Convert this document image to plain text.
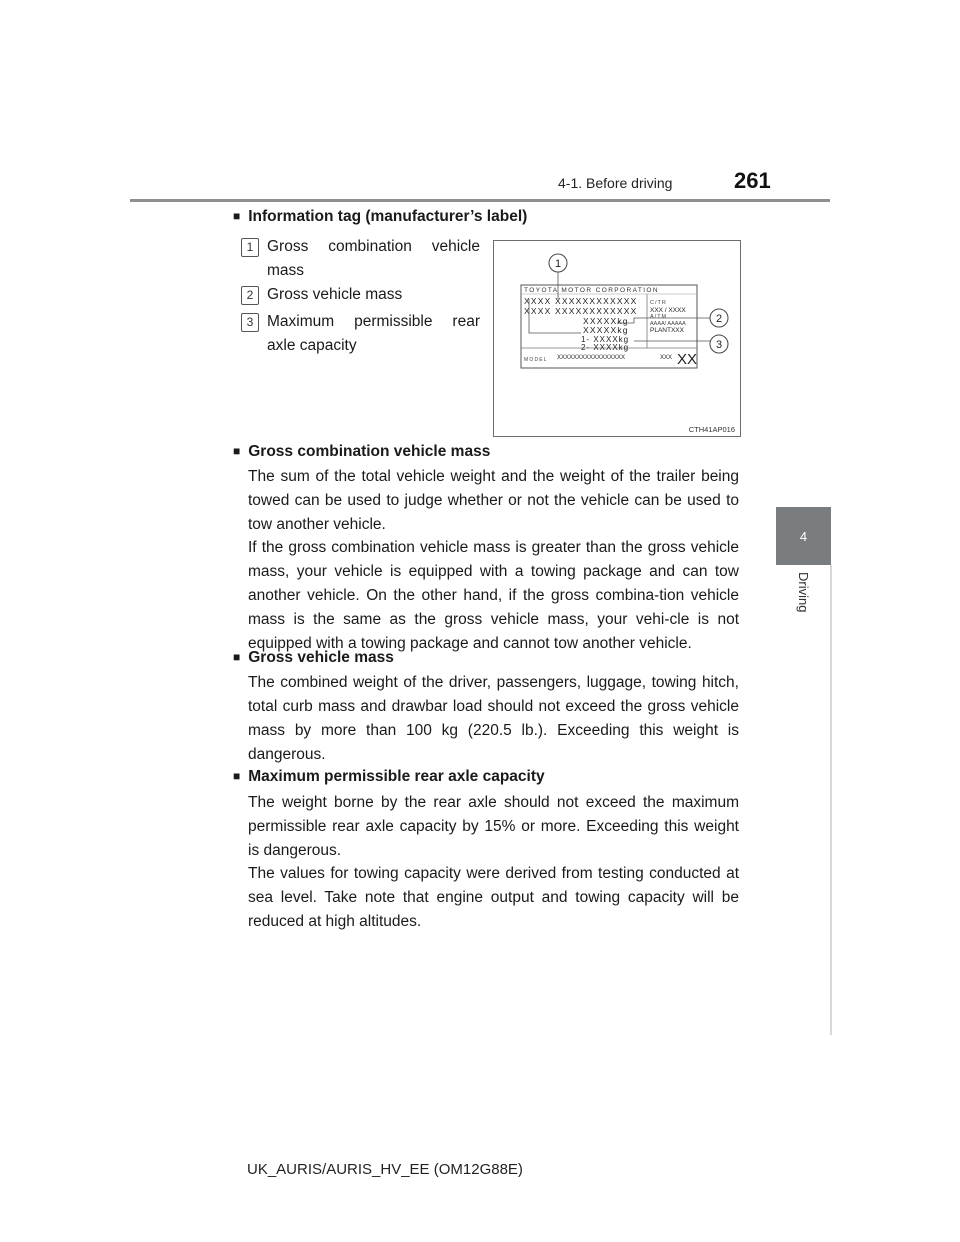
4-1. Before driving	261
4
Driving
■ Information tag (manufacturer’s label)
1 Gross combination vehicle mass
2 Gross vehicle mass
3 Maximum permissible rear axle capacity
TOYOTA MOTOR CORPORATION
XXXX XXXXXXXXXXXX
XXXX XXXXXXXXXXXX
XXXXXkg
XXXXXkg
1- XXXXkg
2- XXXXkg
C/TR
XXX / XXXX
A/TM
AAAA/ AAAAA
PLANTXXX
MODEL XXXXXXXXXXXXXXXXX	XXX XX
1
2
3
CTH41AP016
■ Gross combination vehicle mass
The sum of the total vehicle weight and the weight of the trailer being towed can be used to judge whether or not the vehicle can be used to tow another vehicle.
If the gross combination vehicle mass is greater than the gross vehicle mass, your vehicle is equipped with a towing package and can tow another vehicle. On the other hand, if the gross combina-tion vehicle mass is the same as the gross vehicle mass, your vehi-cle is not equipped with a towing package and cannot tow another vehicle.
■ Gross vehicle mass
The combined weight of the driver, passengers, luggage, towing hitch, total curb mass and drawbar load should not exceed the gross vehicle mass by more than 100 kg (220.5 lb.). Exceeding this weight is dangerous.
■ Maximum permissible rear axle capacity
The weight borne by the rear axle should not exceed the maximum permissible rear axle capacity by 15% or more. Exceeding this weight is dangerous.
The values for towing capacity were derived from testing conducted at sea level. Take note that engine output and towing capacity will be reduced at high altitudes.
UK_AURIS/AURIS_HV_EE (OM12G88E)
